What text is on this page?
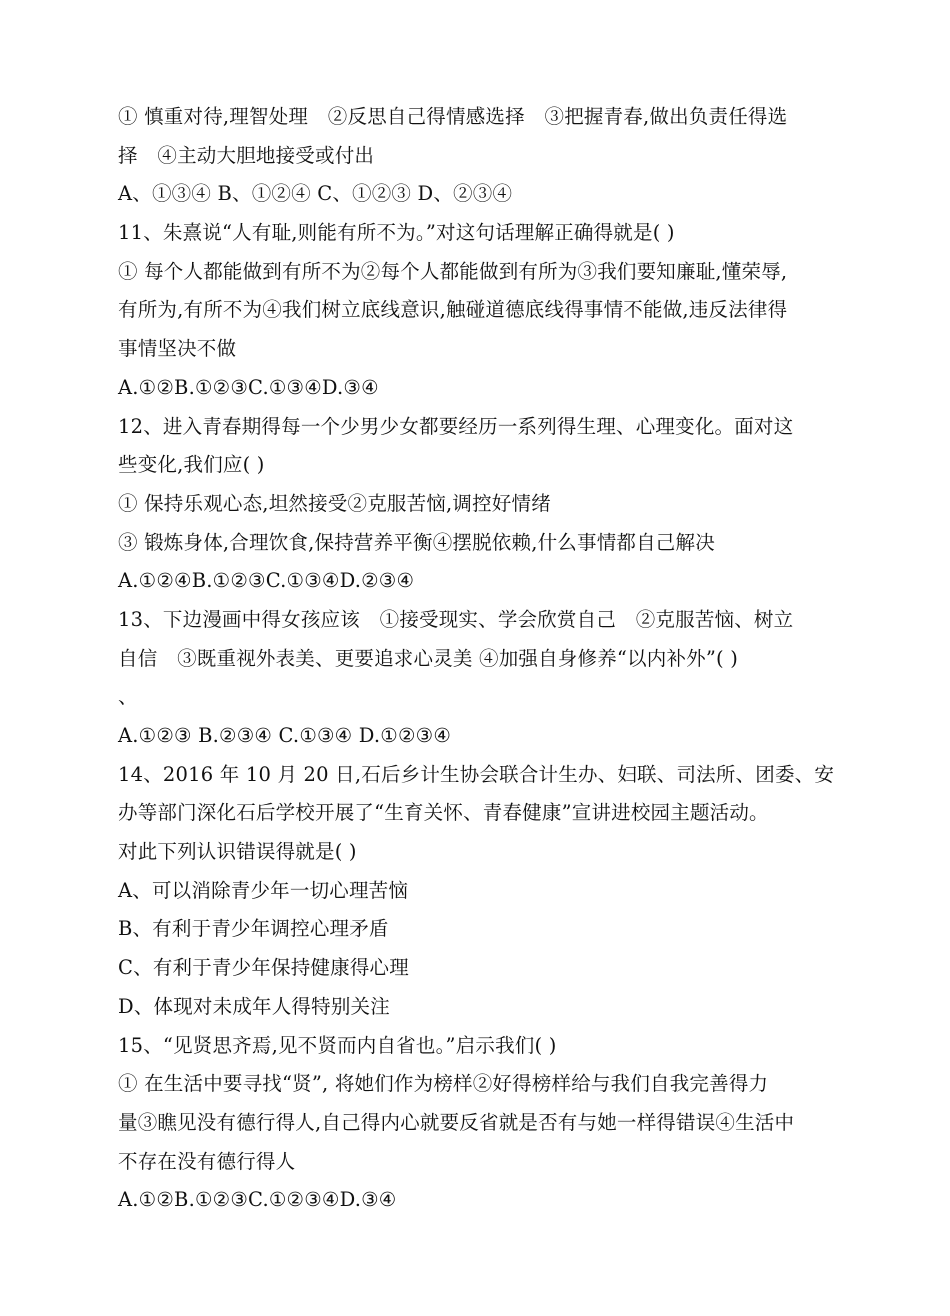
① 慎重对待,理智处理　②反思自己得情感选择　③把握青春,做出负责任得选
择　④主动大胆地接受或付出
A、①③④ B、①②④ C、①②③ D、②③④
11、朱熹说“人有耻,则能有所不为。”对这句话理解正确得就是( )
① 每个人都能做到有所不为②每个人都能做到有所为③我们要知廉耻,懂荣辱,
有所为,有所不为④我们树立底线意识,触碰道德底线得事情不能做,违反法律得
事情坚决不做
A.①②B.①②③C.①③④D.③④
12、进入青春期得每一个少男少女都要经历一系列得生理、心理变化。面对这
些变化,我们应( )
① 保持乐观心态,坦然接受②克服苦恼,调控好情绪
③ 锻炼身体,合理饮食,保持营养平衡④摆脱依赖,什么事情都自己解决
A.①②④B.①②③C.①③④D.②③④
13、下边漫画中得女孩应该　①接受现实、学会欣赏自己　②克服苦恼、树立
自信　③既重视外表美、更要追求心灵美 ④加强自身修养“以内补外”( )
、
A.①②③ B.②③④ C.①③④ D.①②③④
14、2016 年 10 月 20 日,石后乡计生协会联合计生办、妇联、司法所、团委、安
办等部门深化石后学校开展了“生育关怀、青春健康”宣讲进校园主题活动。
对此下列认识错误得就是( )
A、可以消除青少年一切心理苦恼
B、有利于青少年调控心理矛盾
C、有利于青少年保持健康得心理
D、体现对未成年人得特别关注
15、“见贤思齐焉,见不贤而内自省也。”启示我们( )
① 在生活中要寻找“贤”, 将她们作为榜样②好得榜样给与我们自我完善得力
量③瞧见没有德行得人,自己得内心就要反省就是否有与她一样得错误④生活中
不存在没有德行得人
A.①②B.①②③C.①②③④D.③④
